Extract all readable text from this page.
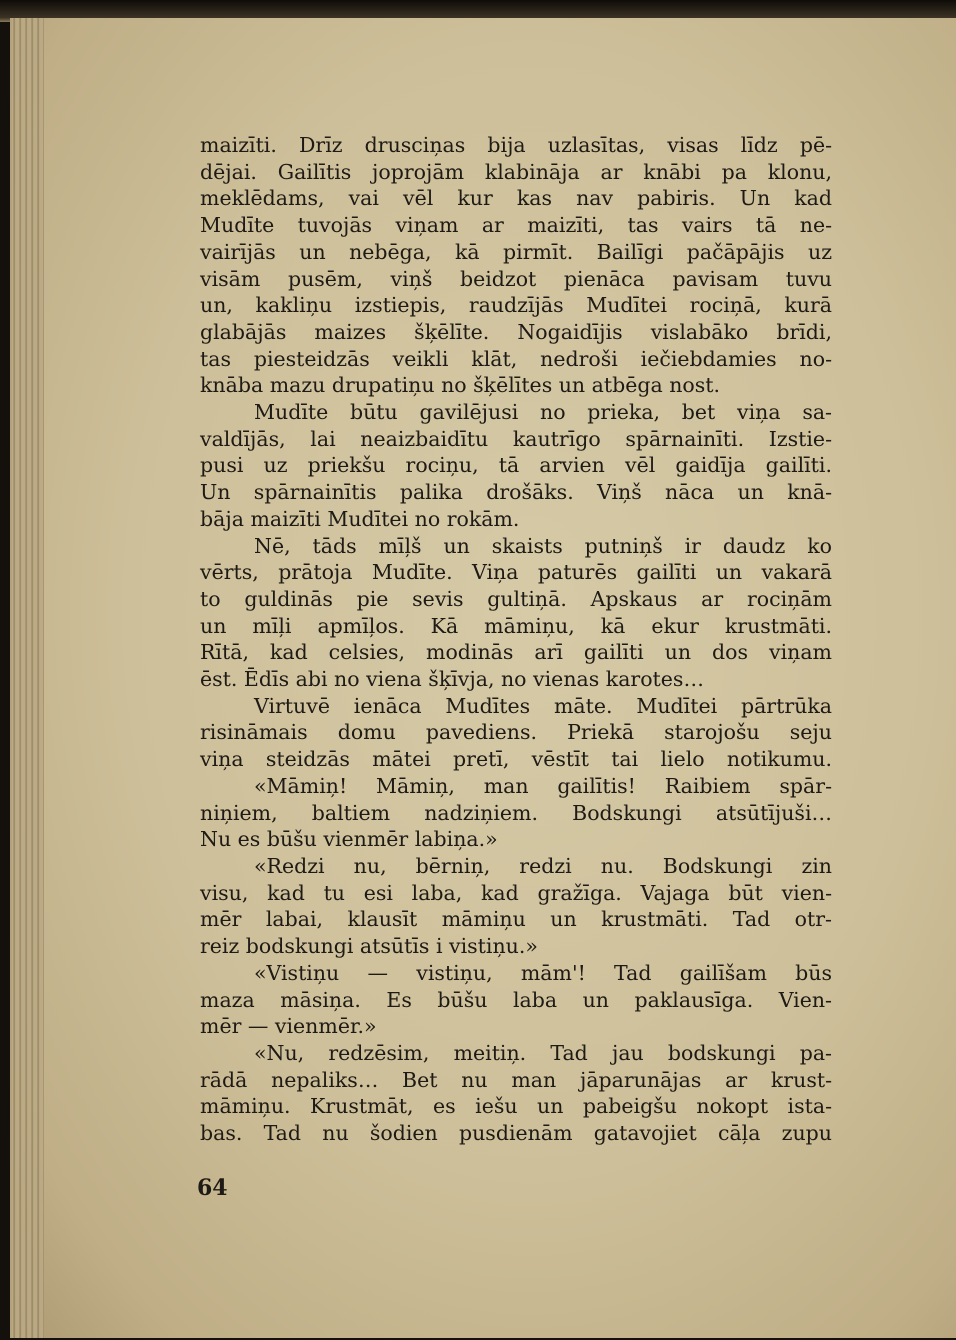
maizīti. Drīz drusciņas bija uzlasītas, visas līdz pē-

dējai. Gailītis joprojām klabināja ar knābi pa klonu,

meklēdams, vai vēl kur kas nav pabiris. Un kad

Mudīte tuvojās viņam ar maizīti, tas vairs tā ne-

vairījās un nebēga, kā pirmīt. Bailīgi pačāpājis uz

visām pusēm, viņš beidzot pienāca pavisam tuvu

un, kakliņu izstiepis, raudzījās Mudītei rociņā, kurā

glabājās maizes šķēlīte. Nogaidījis vislabāko brīdi,

tas piesteidzās veikli klāt, nedroši iečiebdamies no-

knāba mazu drupatiņu no šķēlītes un atbēga nost.

Mudīte būtu gavilējusi no prieka, bet viņa sa-

valdījās, lai neaizbaidītu kautrīgo spārnainīti. Izstie-

pusi uz priekšu rociņu, tā arvien vēl gaidīja gailīti.

Un spārnainītis palika drošāks. Viņš nāca un knā-

bāja maizīti Mudītei no rokām.

Nē, tāds mīļš un skaists putniņš ir daudz ko

vērts, prātoja Mudīte. Viņa paturēs gailīti un vakarā

to guldinās pie sevis gultiņā. Apskaus ar rociņām

un mīļi apmīļos. Kā māmiņu, kā ekur krustmāti.

Rītā, kad celsies, modinās arī gailīti un dos viņam

ēst. Ēdīs abi no viena šķīvja, no vienas karotes…

Virtuvē ienāca Mudītes māte. Mudītei pārtrūka

risināmais domu pavediens. Priekā starojošu seju

viņa steidzās mātei pretī, vēstīt tai lielo notikumu.

«Māmiņ! Māmiņ, man gailītis! Raibiem spār-

niņiem, baltiem nadziņiem. Bodskungi atsūtījuši…

Nu es būšu vienmēr labiņa.»

«Redzi nu, bērniņ, redzi nu. Bodskungi zin

visu, kad tu esi laba, kad gražīga. Vajaga būt vien-

mēr labai, klausīt māmiņu un krustmāti. Tad otr-

reiz bodskungi atsūtīs i vistiņu.»

«Vistiņu — vistiņu, mām'! Tad gailīšam būs

maza māsiņa. Es būšu laba un paklausīga. Vien-

mēr — vienmēr.»

«Nu, redzēsim, meitiņ. Tad jau bodskungi pa-

rādā nepaliks… Bet nu man jāparunājas ar krust-

māmiņu. Krustmāt, es iešu un pabeigšu nokopt ista-

bas. Tad nu šodien pusdienām gatavojiet cāļa zupu

64
